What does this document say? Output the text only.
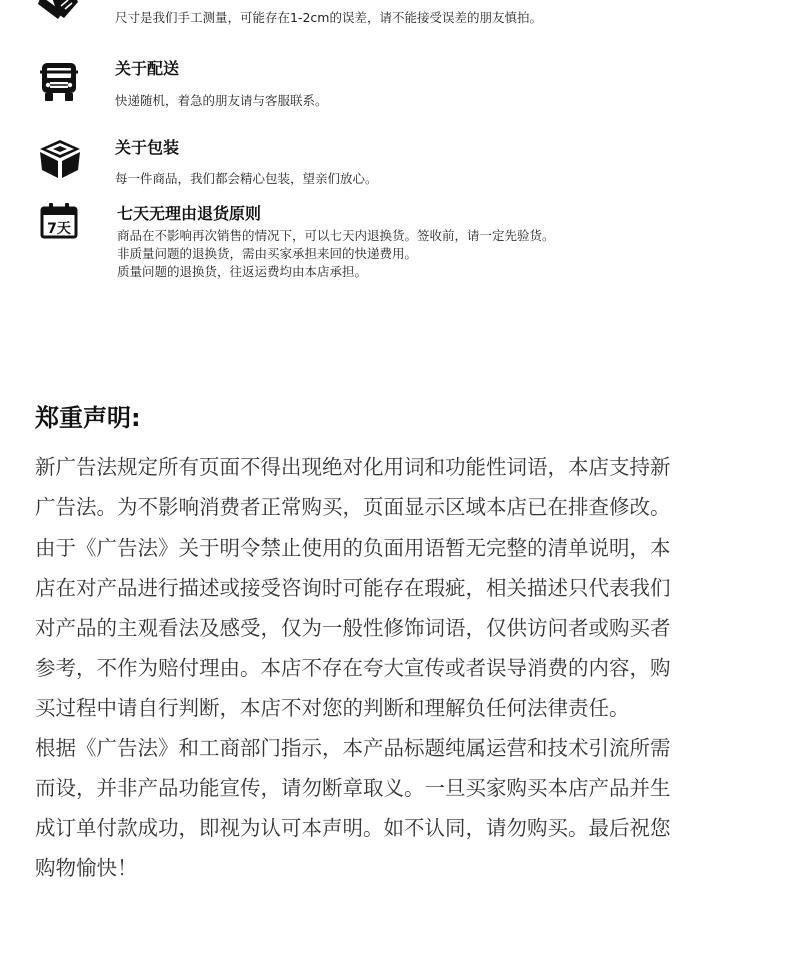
尺寸是我们手工测量，可能存在1-2cm的误差，请不能接受误差的朋友慎拍。

关于配送

快递随机，着急的朋友请与客服联系。

关于包装

每一件商品，我们都会精心包装，望亲们放心。

7天
七天无理由退货原则

商品在不影响再次销售的情况下，可以七天内退换货。签收前，请一定先验货。

非质量问题的退换货，需由买家承担来回的快递费用。

质量问题的退换货，往返运费均由本店承担。

郑重声明:

新广告法规定所有页面不得出现绝对化用词和功能性词语，本店支持新

广告法。为不影响消费者正常购买，页面显示区域本店已在排查修改。

由于《广告法》关于明令禁止使用的负面用语暂无完整的清单说明，本

店在对产品进行描述或接受咨询时可能存在瑕疵，相关描述只代表我们

对产品的主观看法及感受，仅为一般性修饰词语，仅供访问者或购买者

参考，不作为赔付理由。本店不存在夸大宣传或者误导消费的内容，购

买过程中请自行判断，本店不对您的判断和理解负任何法律责任。

根据《广告法》和工商部门指示，本产品标题纯属运营和技术引流所需

而设，并非产品功能宣传，请勿断章取义。一旦买家购买本店产品并生

成订单付款成功，即视为认可本声明。如不认同，请勿购买。最后祝您

购物愉快！
